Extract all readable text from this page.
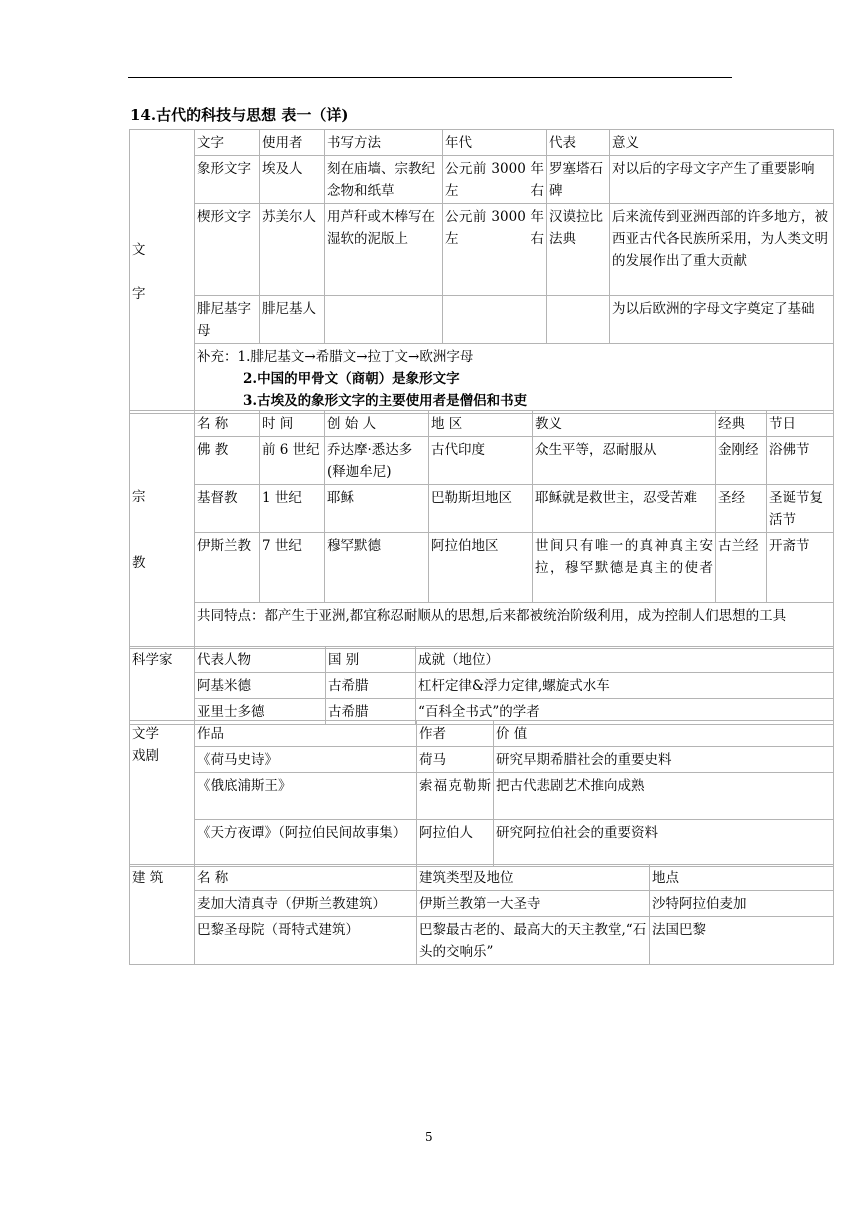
14.古代的科技与思想 表一（详)
文
字	文字	使用者	书写方法	年代	代表	意义
	象形文字	埃及人	刻在庙墙、宗教纪念物和纸草	公元前 3000 年左右	罗塞塔石碑	对以后的字母文字产生了重要影响
	楔形文字	苏美尔人	用芦秆或木棒写在湿软的泥版上	公元前 3000 年左右	汉谟拉比法典	后来流传到亚洲西部的许多地方，被西亚古代各民族所采用，为人类文明的发展作出了重大贡献
	腓尼基字母	腓尼基人				为以后欧洲的字母文字奠定了基础

	补充：1.腓尼基文→希腊文→拉丁文→欧洲字母
2.中国的甲骨文（商朝）是象形文字
3.古埃及的象形文字的主要使用者是僧侣和书吏					
宗
教	名 称	时 间	创 始 人	地 区	教义	经典	节日
	佛 教	前 6 世纪	乔达摩·悉达多(释迦牟尼)	古代印度	众生平等，忍耐服从	金刚经	浴佛节
	基督教	1 世纪	耶稣	巴勒斯坦地区	耶稣就是救世主，忍受苦难	圣经	圣诞节复活节
	伊斯兰教	7 世纪	穆罕默德	阿拉伯地区	世间只有唯一的真神真主安拉，穆罕默德是真主的使者	古兰经	开斋节
	共同特点：都产生于亚洲,都宜称忍耐顺从的思想,后来都被统治阶级利用，成为控制人们思想的工具						
科学家	代表人物	国 别	成就（地位）
	阿基米德	古希腊	杠杆定律&浮力定律,螺旋式水车
	亚里士多德	古希腊	“百科全书式”的学者
文学
戏剧	作品	作者	价 值
	《荷马史诗》	荷马	研究早期希腊社会的重要史料
	《俄底浦斯王》	索福克勒斯	把古代悲剧艺术推向成熟
	《天方夜谭》（阿拉伯民间故事集）	阿拉伯人	研究阿拉伯社会的重要资料
建 筑	名 称	建筑类型及地位	地点
	麦加大清真寺（伊斯兰教建筑）	伊斯兰教第一大圣寺	沙特阿拉伯麦加
	巴黎圣母院（哥特式建筑）	巴黎最古老的、最高大的天主教堂,“石头的交响乐”	法国巴黎
5
